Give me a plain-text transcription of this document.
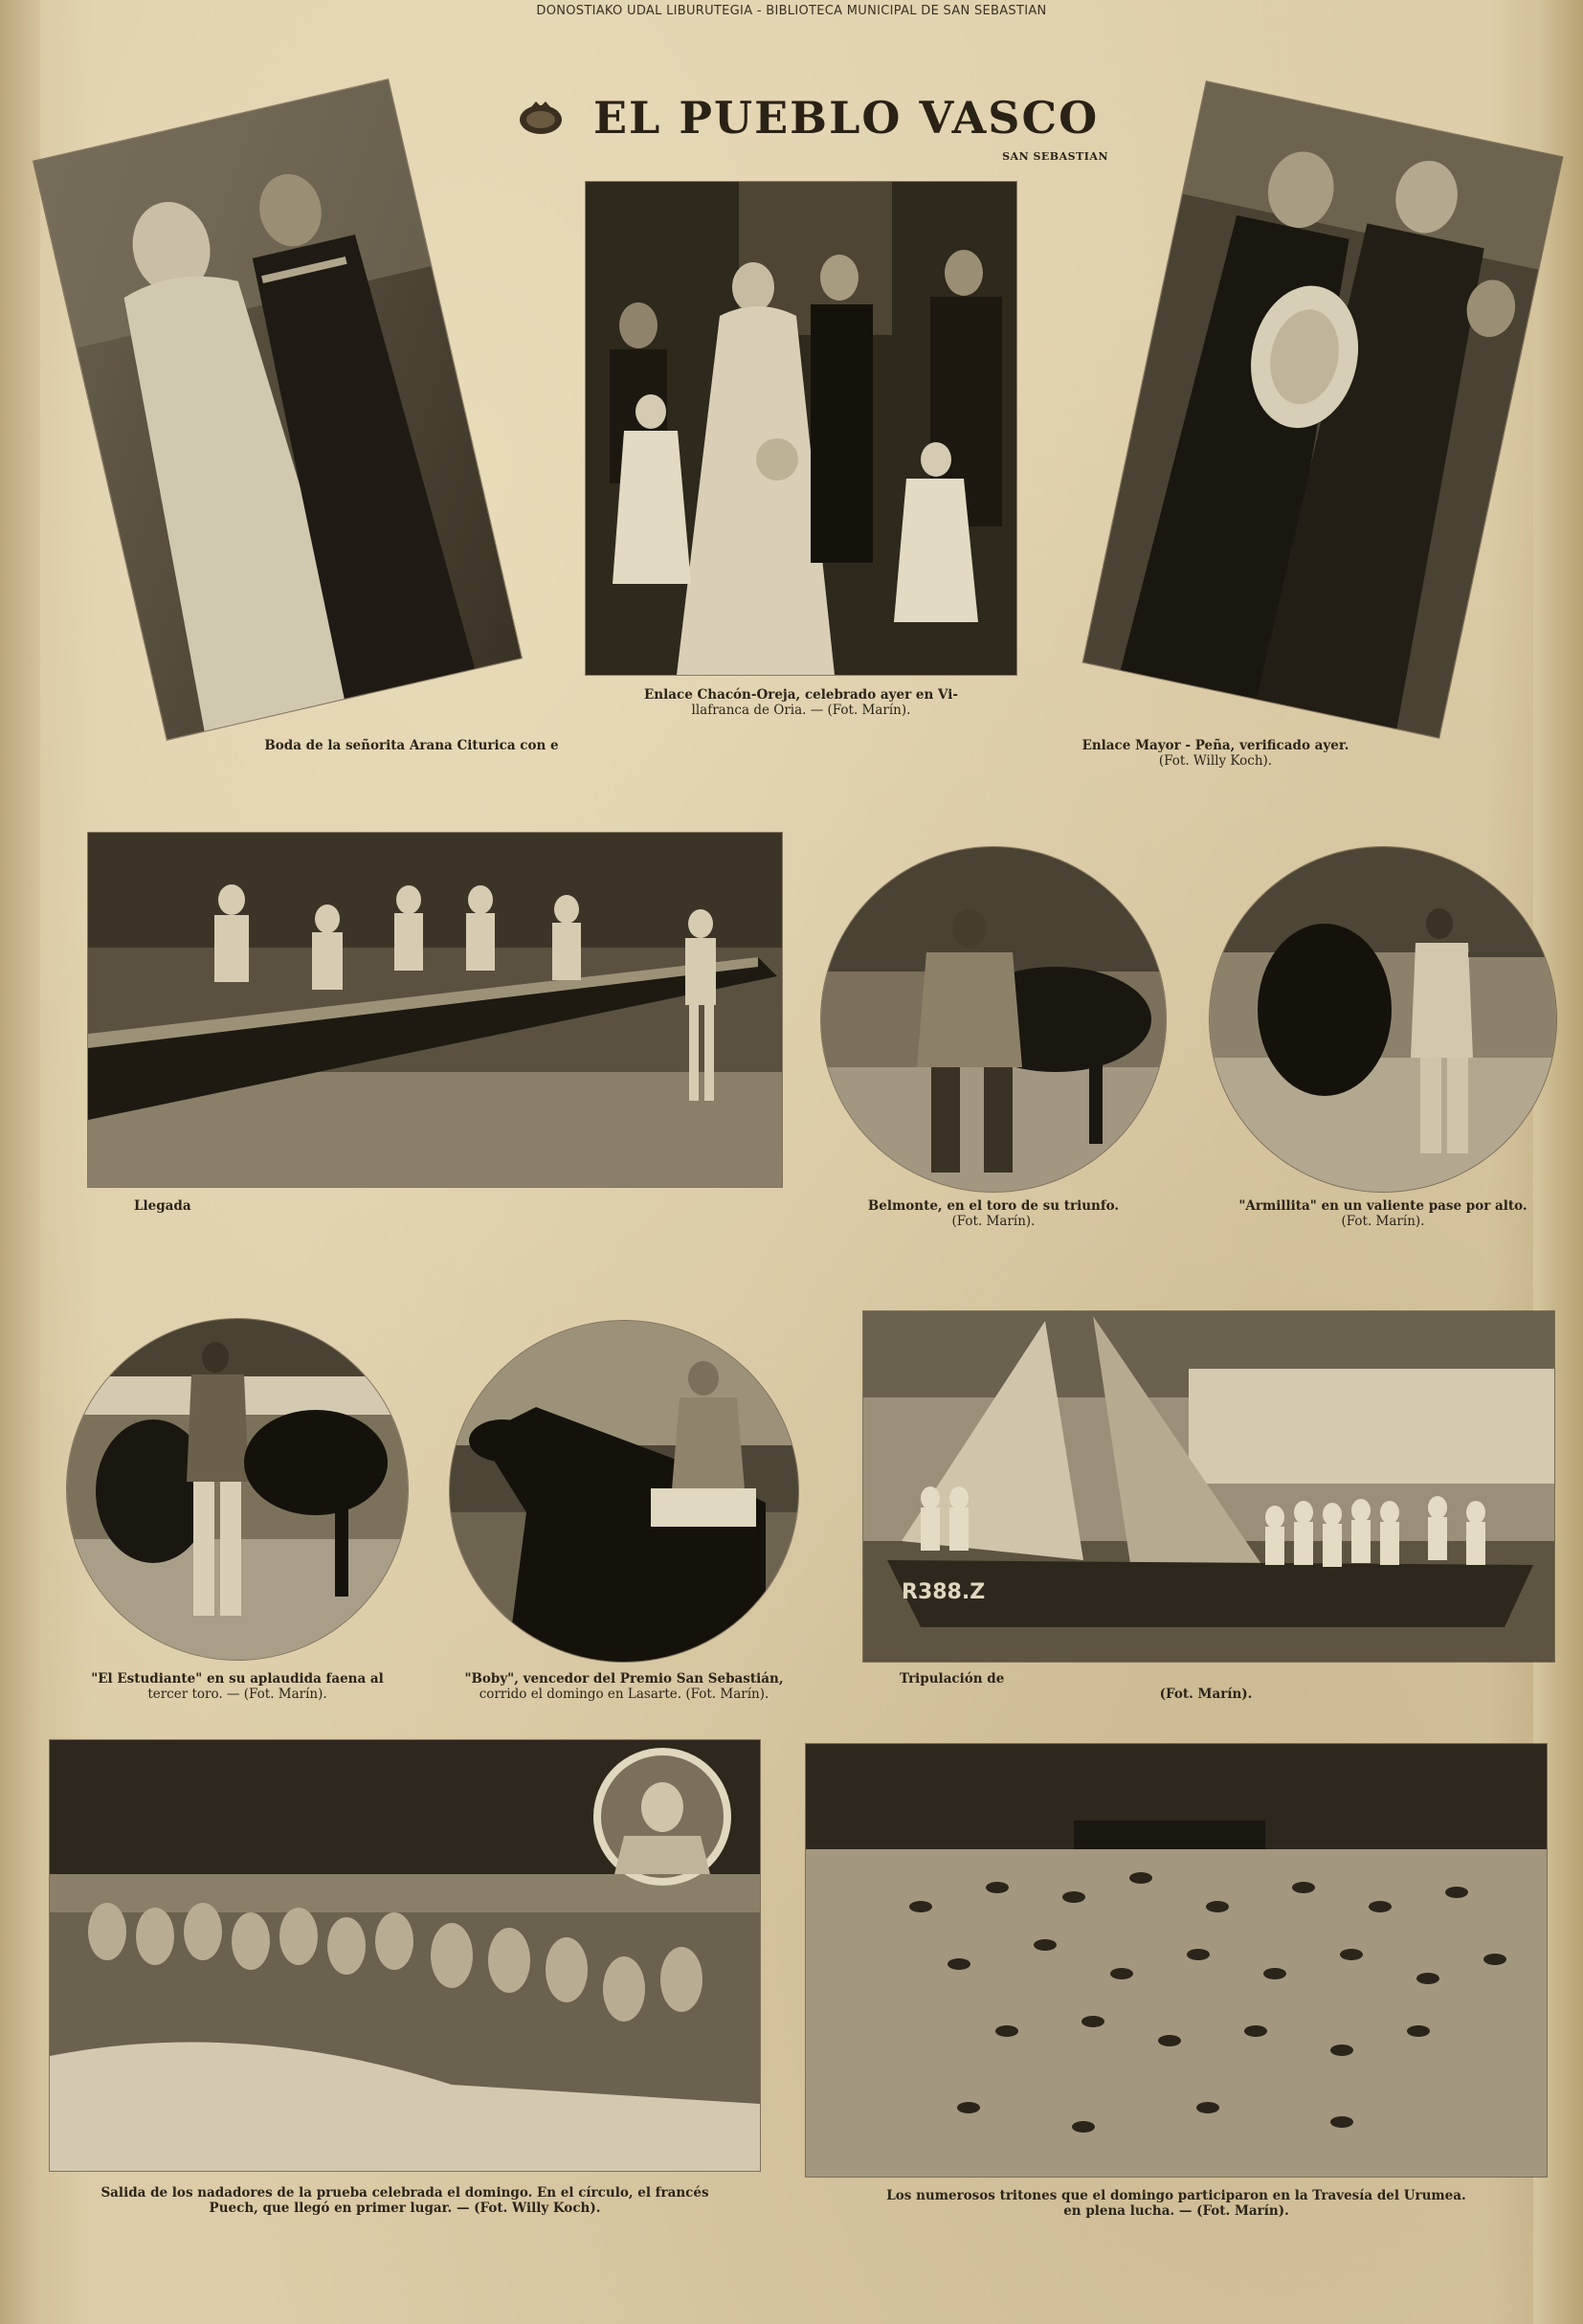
DONOSTIAKO UDAL LIBURUTEGIA - BIBLIOTECA MUNICIPAL DE SAN SEBASTIAN
EL PUEBLO VASCO
SAN SEBASTIAN
Boda de la señorita Arana Citurica con e
Enlace Chacón-Oreja, celebrado ayer en Vi-
llafranca de Oria. — (Fot. Marín).
Enlace Mayor - Peña, verificado ayer.
(Fot. Willy Koch).
Llegada	Belmonte, en el toro de su triunfo.
(Fot. Marín).
"Armillita" en un valiente pase por alto.
(Fot. Marín).
"El Estudiante" en su aplaudida faena al
tercer toro. — (Fot. Marín).
"Boby", vencedor del Premio San Sebastián,
corrido el domingo en Lasarte. (Fot. Marín).
R388.Z
Tripulación de
(Fot. Marín).
Salida de los nadadores de la prueba celebrada el domingo. En el círculo, el francés
Puech, que llegó en primer lugar. — (Fot. Willy Koch).
Los numerosos tritones que el domingo participaron en la Travesía del Urumea.
en plena lucha. — (Fot. Marín).
